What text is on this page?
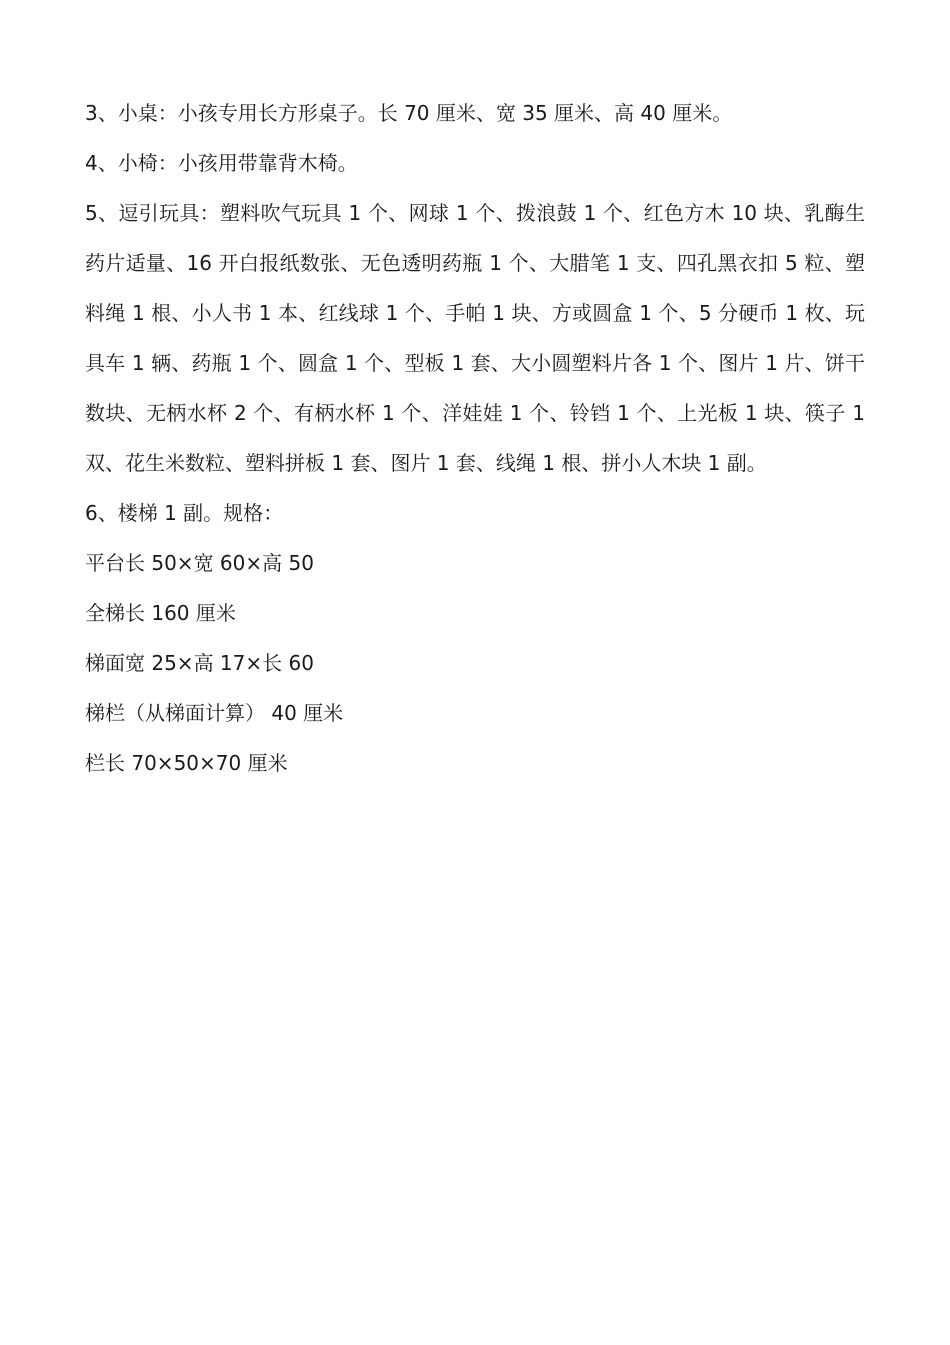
3、小桌：小孩专用长方形桌子。长 70 厘米、宽 35 厘米、高 40 厘米。

4、小椅：小孩用带靠背木椅。

5、逗引玩具：塑料吹气玩具 1 个、网球 1 个、拨浪鼓 1 个、红色方木 10 块、乳酶生药片适量、16 开白报纸数张、无色透明药瓶 1 个、大腊笔 1 支、四孔黑衣扣 5 粒、塑料绳 1 根、小人书 1 本、红线球 1 个、手帕 1 块、方或圆盒 1 个、5 分硬币 1 枚、玩具车 1 辆、药瓶 1 个、圆盒 1 个、型板 1 套、大小圆塑料片各 1 个、图片 1 片、饼干数块、无柄水杯 2 个、有柄水杯 1 个、洋娃娃 1 个、铃铛 1 个、上光板 1 块、筷子 1 双、花生米数粒、塑料拼板 1 套、图片 1 套、线绳 1 根、拼小人木块 1 副。

6、楼梯 1 副。规格：

平台长 50×宽 60×高 50

全梯长 160 厘米

梯面宽 25×高 17×长 60

梯栏（从梯面计算） 40 厘米

栏长 70×50×70 厘米
